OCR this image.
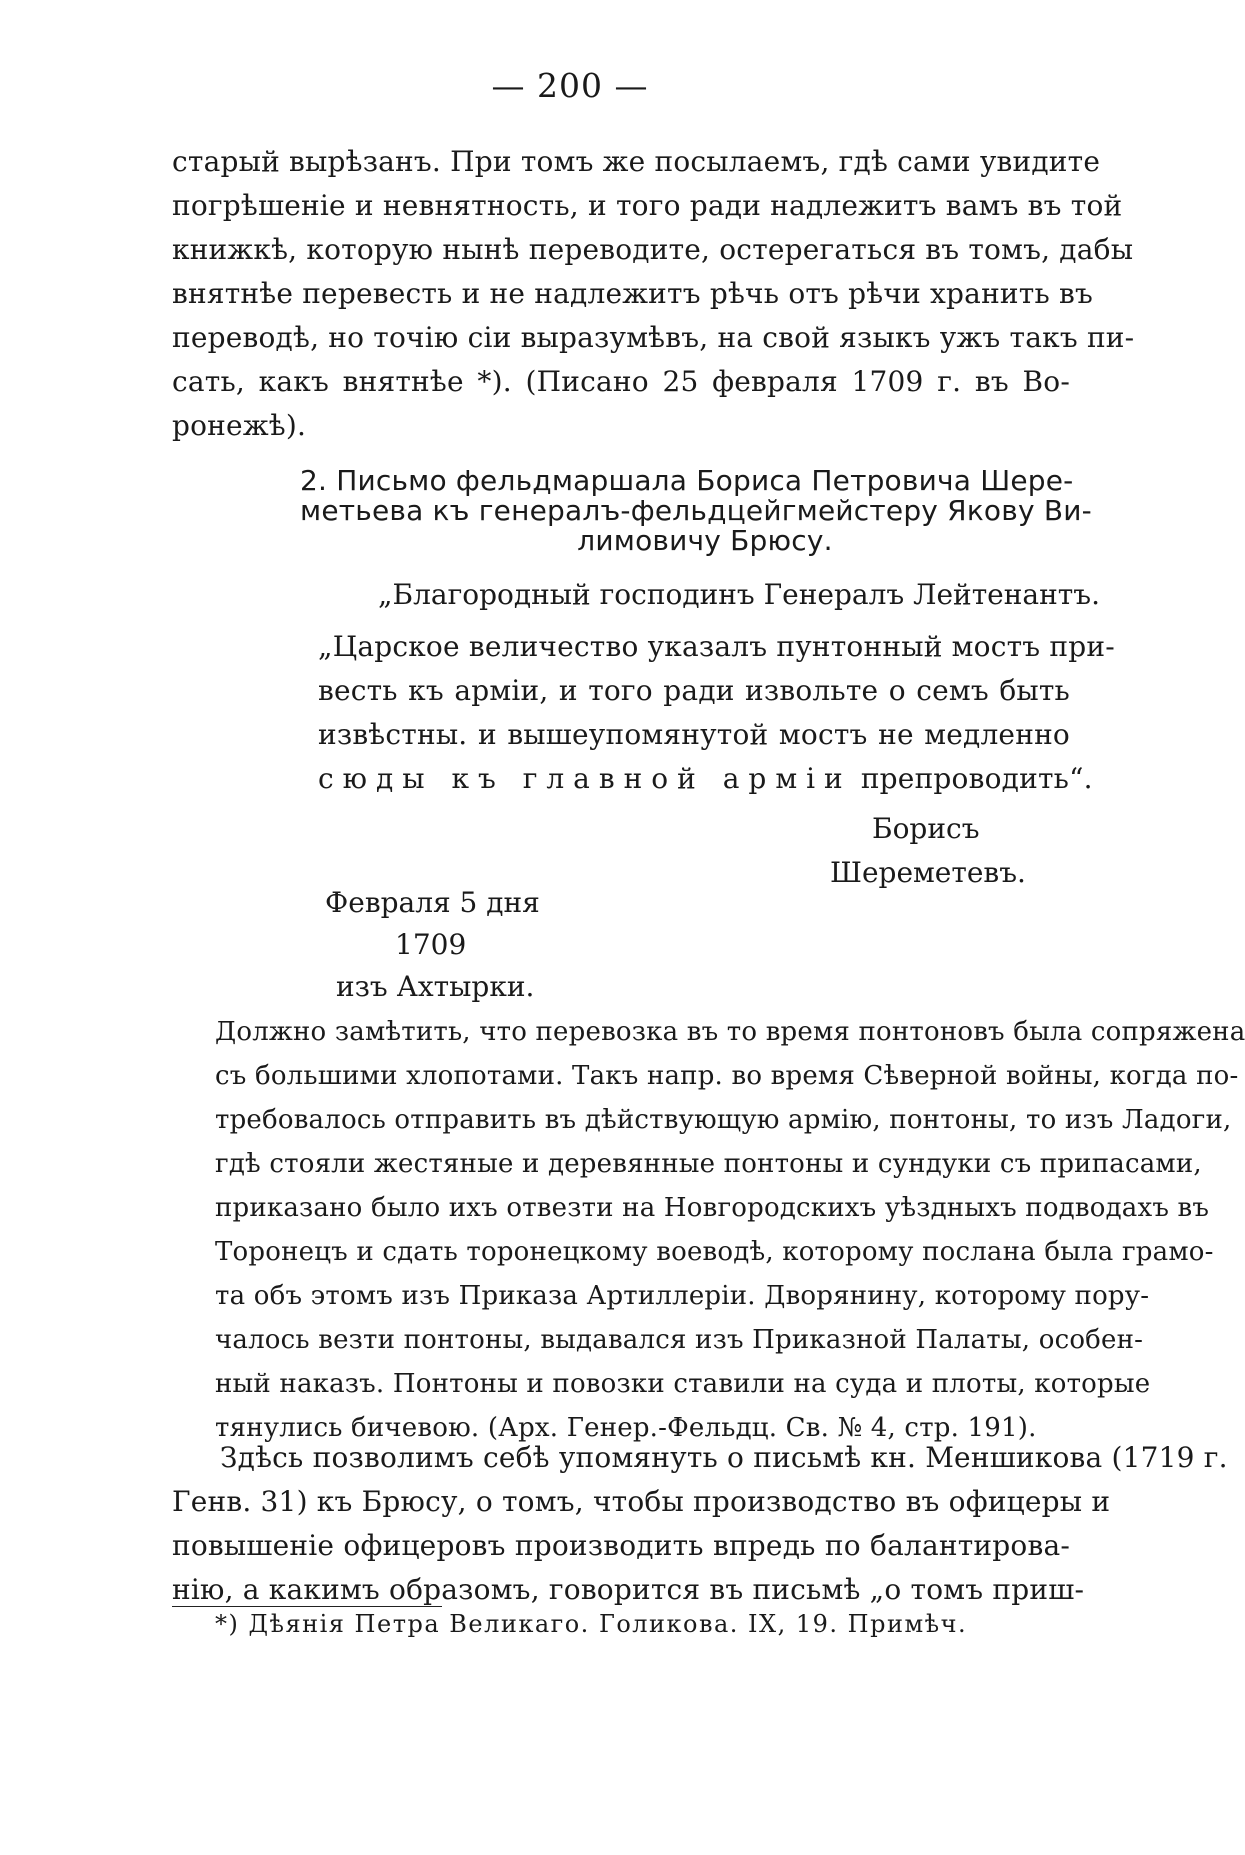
— 200 —
старый вырѣзанъ. При томъ же посылаемъ, гдѣ сами увидите
погрѣшеніе и невнятность, и того ради надлежитъ вамъ въ той
книжкѣ, которую нынѣ переводите, остерегаться въ томъ, дабы
внятнѣе перевесть и не надлежитъ рѣчь отъ рѣчи хранить въ
переводѣ, но точію сіи выразумѣвъ, на свой языкъ ужъ такъ пи-
сать, какъ внятнѣе *). (Писано 25 февраля 1709 г. въ Во-
ронежѣ).
2. Письмо фельдмаршала Бориса Петровича Шере-
метьева къ генералъ-фельдцейгмейстеру Якову Ви-
лимовичу Брюсу.
„Благородный господинъ Генералъ Лейтенантъ.
„Царское величество указалъ пунтонный мостъ при-
весть къ арміи, и того ради извольте о семъ быть
извѣстны. и вышеупомянутой мостъ не медленно
сюды къ главной арміи препроводить“.
Борисъ
Шереметевъ.
Февраля 5 дня
1709
изъ Ахтырки.
Должно замѣтить, что перевозка въ то время понтоновъ была сопряжена
съ большими хлопотами. Такъ напр. во время Сѣверной войны, когда по-
требовалось отправить въ дѣйствующую армію, понтоны, то изъ Ладоги,
гдѣ стояли жестяные и деревянные понтоны и сундуки съ припасами,
приказано было ихъ отвезти на Новгородскихъ уѣздныхъ подводахъ въ
Торонецъ и сдать торонецкому воеводѣ, которому послана была грамо-
та объ этомъ изъ Приказа Артиллеріи. Дворянину, которому пору-
чалось везти понтоны, выдавался изъ Приказной Палаты, особен-
ный наказъ. Понтоны и повозки ставили на суда и плоты, которые
тянулись бичевою. (Арх. Генер.-Фельдц. Св. № 4, стр. 191).
Здѣсь позволимъ себѣ упомянуть о письмѣ кн. Меншикова (1719 г.
Генв. 31) къ Брюсу, о томъ, чтобы производство въ офицеры и
повышеніе офицеровъ производить впредь по балантирова-
нію, а какимъ образомъ, говорится въ письмѣ „о томъ приш-
*) Дѣянія Петра Великаго. Голикова. IX, 19. Примѣч.
